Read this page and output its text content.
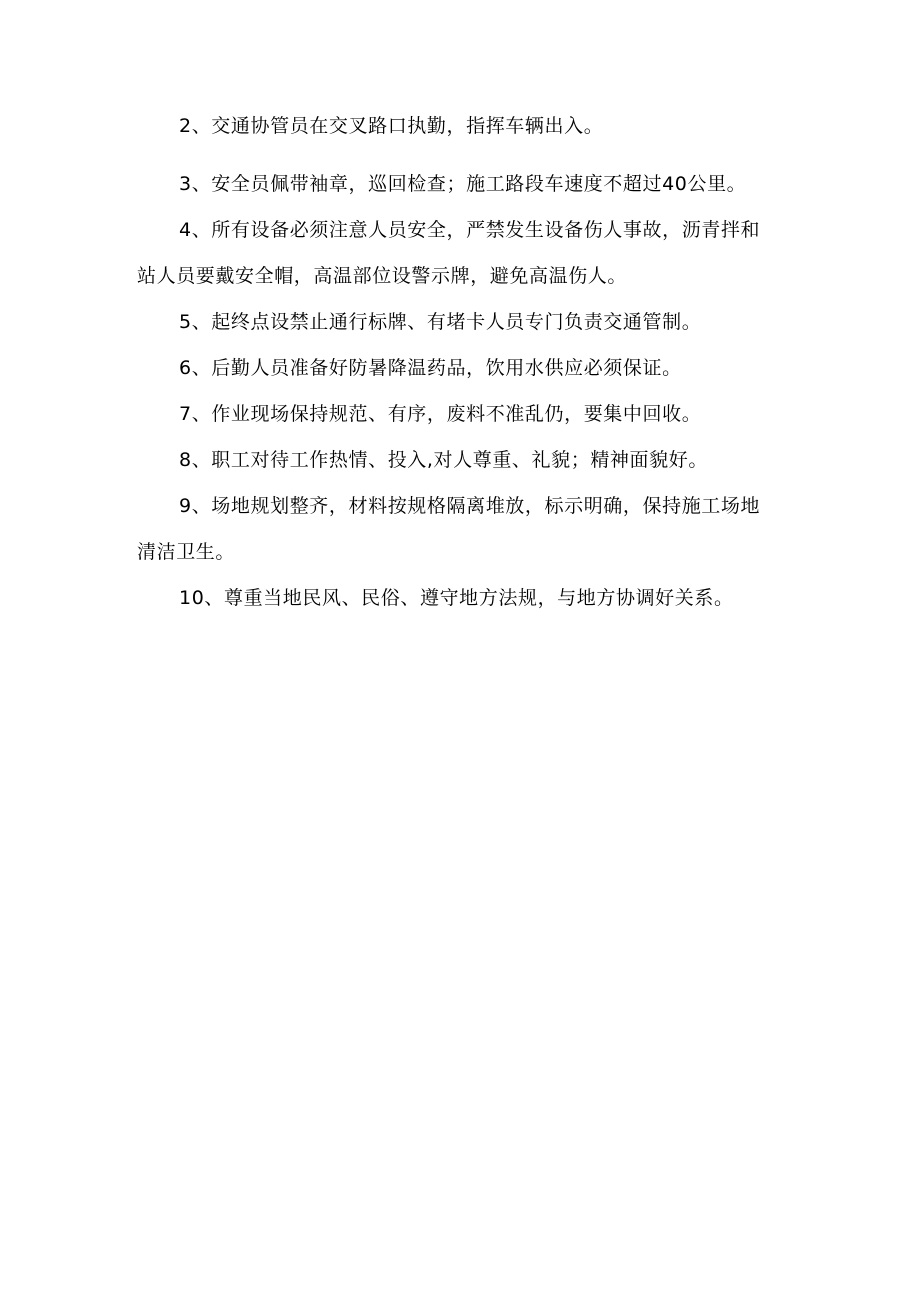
2、交通协管员在交叉路口执勤，指挥车辆出入。

3、安全员佩带袖章，巡回检查；施工路段车速度不超过40公里。

4、所有设备必须注意人员安全，严禁发生设备伤人事故，沥青拌和站人员要戴安全帽，高温部位设警示牌，避免高温伤人。

5、起终点设禁止通行标牌、有堵卡人员专门负责交通管制。

6、后勤人员准备好防暑降温药品，饮用水供应必须保证。

7、作业现场保持规范、有序，废料不准乱仍，要集中回收。

8、职工对待工作热情、投入,对人尊重、礼貌；精神面貌好。

9、场地规划整齐，材料按规格隔离堆放，标示明确，保持施工场地清洁卫生。

10、尊重当地民风、民俗、遵守地方法规，与地方协调好关系。
